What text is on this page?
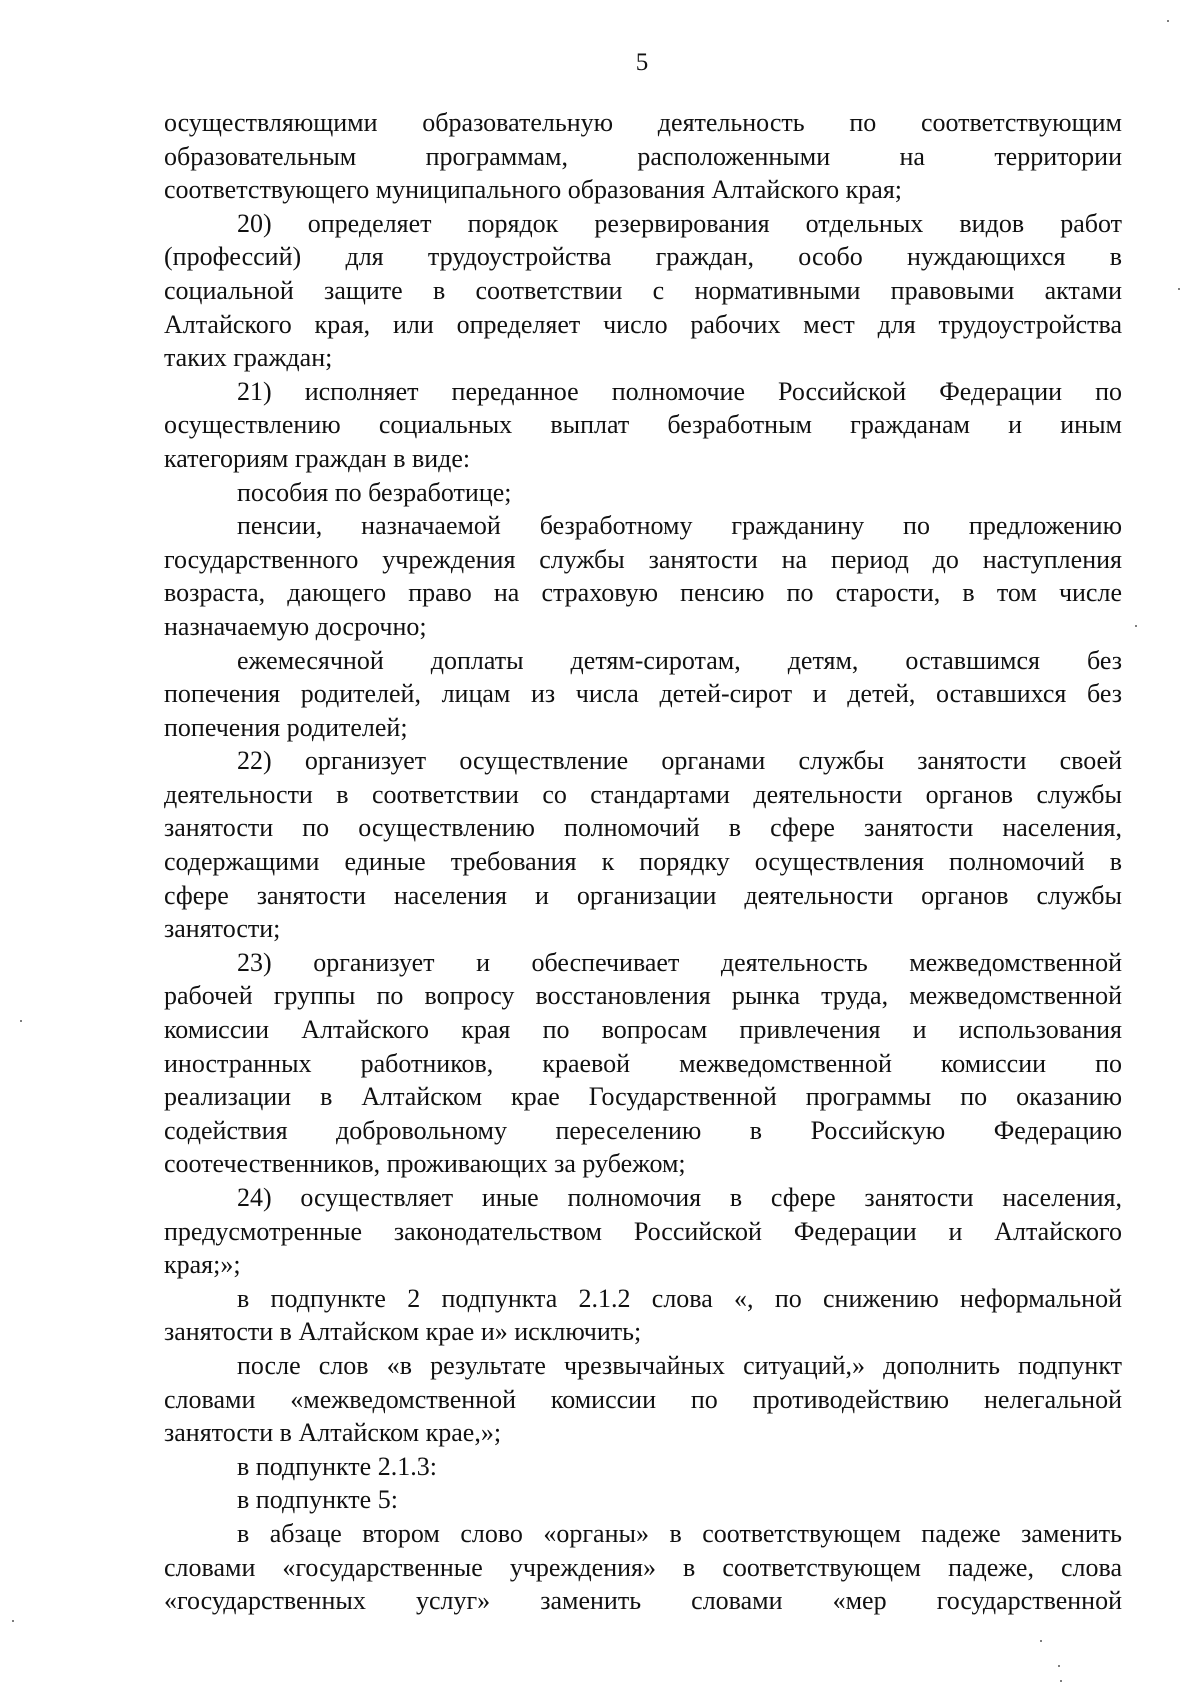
5
осуществляющими образовательную деятельность по соответствующим
образовательным программам, расположенными на территории
соответствующего муниципального образования Алтайского края;
20) определяет порядок резервирования отдельных видов работ
(профессий) для трудоустройства граждан, особо нуждающихся в
социальной защите в соответствии с нормативными правовыми актами
Алтайского края, или определяет число рабочих мест для трудоустройства
таких граждан;
21) исполняет переданное полномочие Российской Федерации по
осуществлению социальных выплат безработным гражданам и иным
категориям граждан в виде:
пособия по безработице;
пенсии, назначаемой безработному гражданину по предложению
государственного учреждения службы занятости на период до наступления
возраста, дающего право на страховую пенсию по старости, в том числе
назначаемую досрочно;
ежемесячной доплаты детям-сиротам, детям, оставшимся без
попечения родителей, лицам из числа детей-сирот и детей, оставшихся без
попечения родителей;
22) организует осуществление органами службы занятости своей
деятельности в соответствии со стандартами деятельности органов службы
занятости по осуществлению полномочий в сфере занятости населения,
содержащими единые требования к порядку осуществления полномочий в
сфере занятости населения и организации деятельности органов службы
занятости;
23) организует и обеспечивает деятельность межведомственной
рабочей группы по вопросу восстановления рынка труда, межведомственной
комиссии Алтайского края по вопросам привлечения и использования
иностранных работников, краевой межведомственной комиссии по
реализации в Алтайском крае Государственной программы по оказанию
содействия добровольному переселению в Российскую Федерацию
соотечественников, проживающих за рубежом;
24) осуществляет иные полномочия в сфере занятости населения,
предусмотренные законодательством Российской Федерации и Алтайского
края;»;
в подпункте 2 подпункта 2.1.2 слова «, по снижению неформальной
занятости в Алтайском крае и» исключить;
после слов «в результате чрезвычайных ситуаций,» дополнить подпункт
словами «межведомственной комиссии по противодействию нелегальной
занятости в Алтайском крае,»;
в подпункте 2.1.3:
в подпункте 5:
в абзаце втором слово «органы» в соответствующем падеже заменить
словами «государственные учреждения» в соответствующем падеже, слова
«государственных услуг» заменить словами «мер государственной
